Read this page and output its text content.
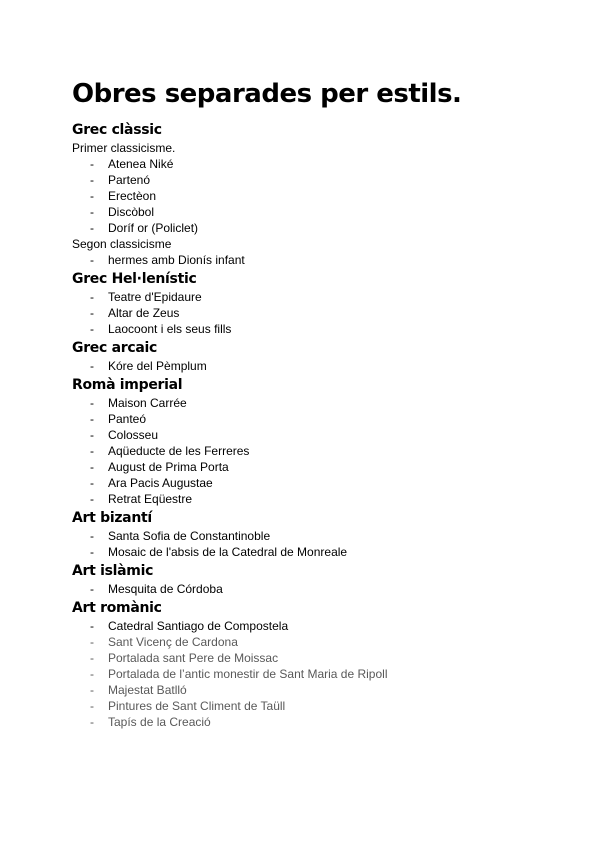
Obres separades per estils.
Grec clàssic

Primer classicisme.

- Atenea Niké
- Partenó
- Erectèon
- Discòbol
- Doríf or (Policlet)

Segon classicisme

- hermes amb Dionís infant
Grec Hel·lenístic
- Teatre d'Epidaure
- Altar de Zeus
- Laocoont i els seus fills
Grec arcaic
- Kóre del Pèmplum
Romà imperial
- Maison Carrée
- Panteó
- Colosseu
- Aqüeducte de les Ferreres
- August de Prima Porta
- Ara Pacis Augustae
- Retrat Eqüestre
Art bizantí
- Santa Sofia de Constantinoble
- Mosaic de l'absis de la Catedral de Monreale
Art islàmic
- Mesquita de Córdoba
Art romànic
- Catedral Santiago de Compostela
- Sant Vicenç de Cardona
- Portalada sant Pere de Moissac
- Portalada de l’antic monestir de Sant Maria de Ripoll
- Majestat Batlló
- Pintures de Sant Climent de Taüll
- Tapís de la Creació
